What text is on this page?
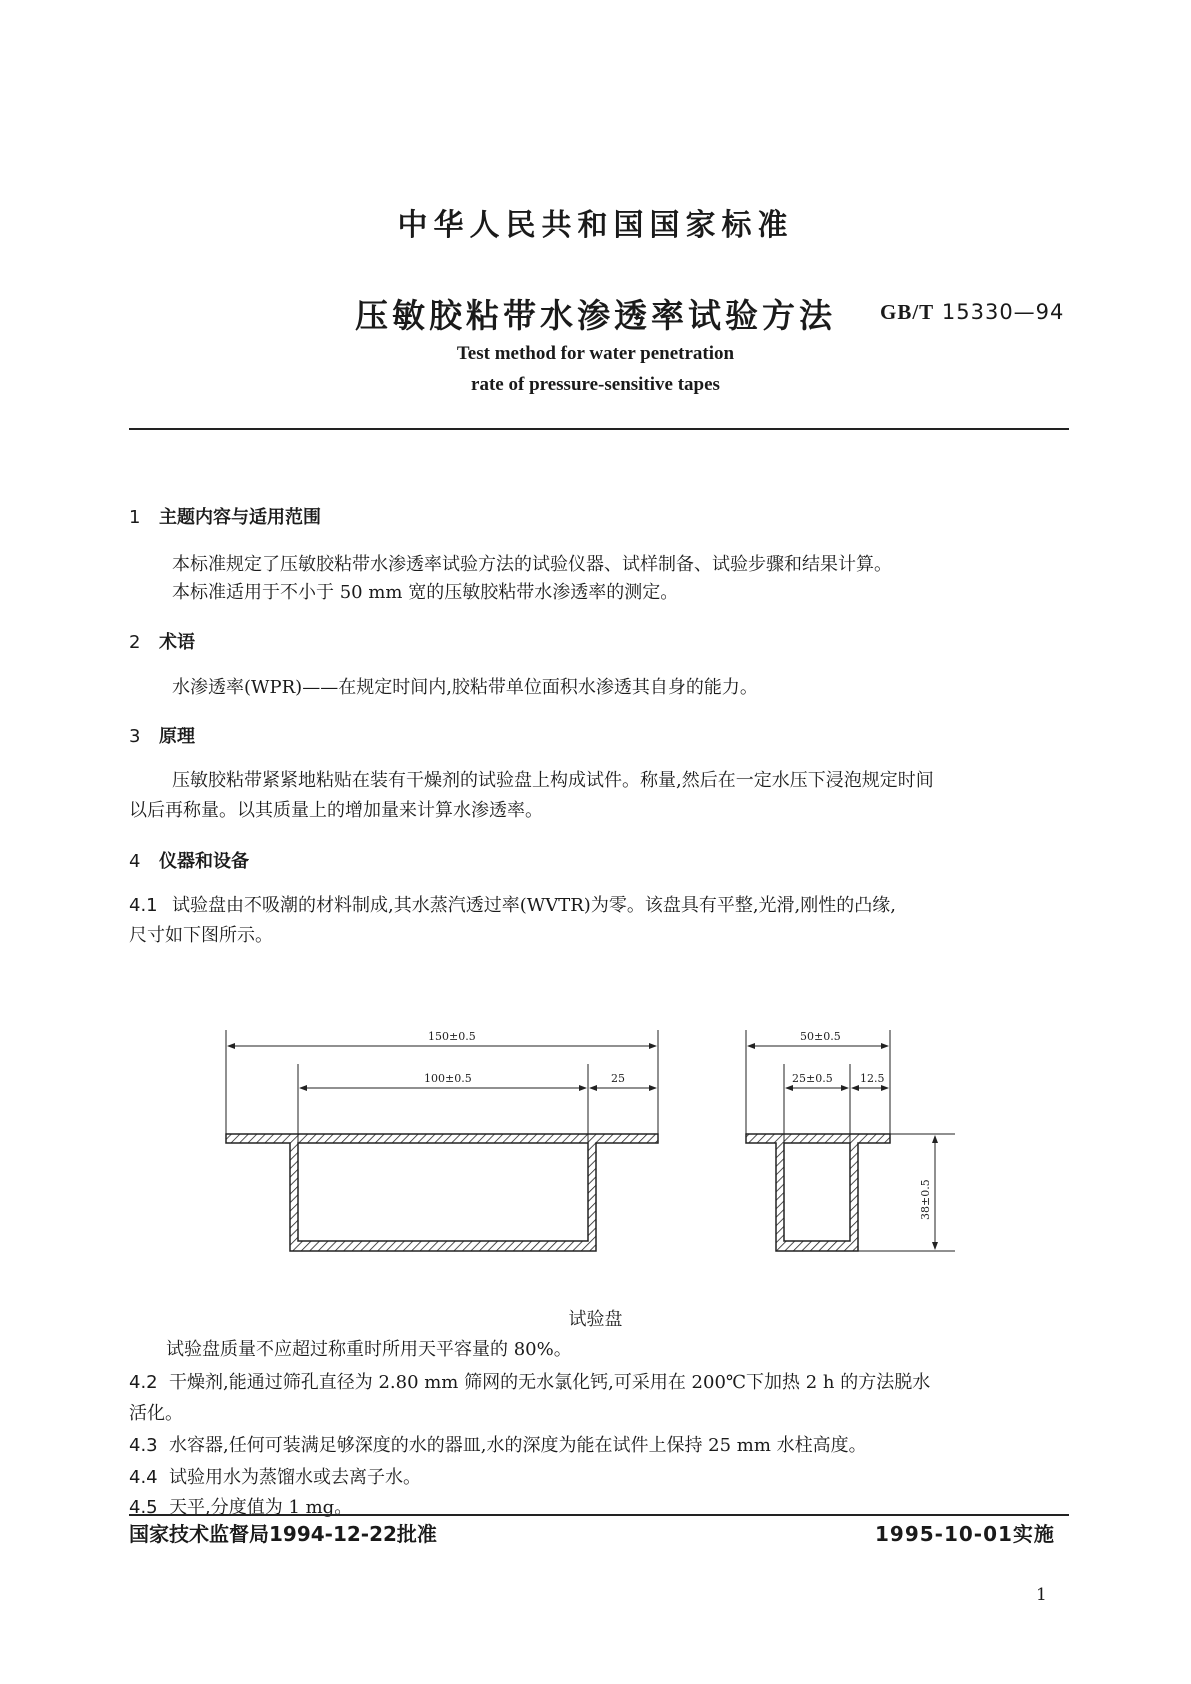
中华人民共和国国家标准
压敏胶粘带水渗透率试验方法	GB/T 15330—94
Test method for water penetration
rate of pressure-sensitive tapes
1 主题内容与适用范围
本标准规定了压敏胶粘带水渗透率试验方法的试验仪器、试样制备、试验步骤和结果计算。
本标准适用于不小于 50 mm 宽的压敏胶粘带水渗透率的测定。
2 术语
水渗透率(WPR)——在规定时间内,胶粘带单位面积水渗透其自身的能力。
3 原理
压敏胶粘带紧紧地粘贴在装有干燥剂的试验盘上构成试件。称量,然后在一定水压下浸泡规定时间
以后再称量。以其质量上的增加量来计算水渗透率。
4 仪器和设备
4.1 试验盘由不吸潮的材料制成,其水蒸汽透过率(WVTR)为零。该盘具有平整,光滑,刚性的凸缘,
尺寸如下图所示。
150±0.5
100±0.5	25
50±0.5
25±0.5 12.5
38±0.5
试验盘
试验盘质量不应超过称重时所用天平容量的 80%。
4.2 干燥剂,能通过筛孔直径为 2.80 mm 筛网的无水氯化钙,可采用在 200℃下加热 2 h 的方法脱水
活化。
4.3 水容器,任何可装满足够深度的水的器皿,水的深度为能在试件上保持 25 mm 水柱高度。
4.4 试验用水为蒸馏水或去离子水。
4.5 天平,分度值为 1 mg。
国家技术监督局1994-12-22批准	1995-10-01实施
1
